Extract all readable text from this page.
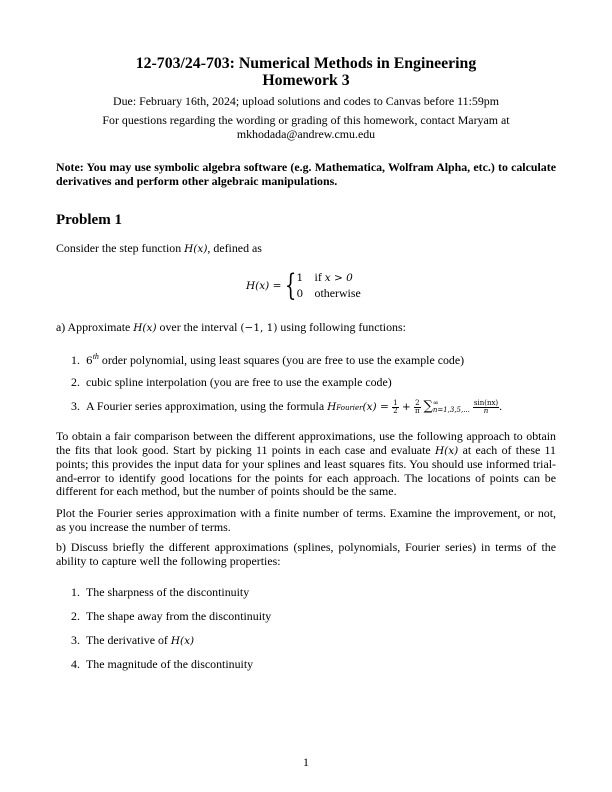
12-703/24-703: Numerical Methods in Engineering
Homework 3
Due: February 16th, 2024; upload solutions and codes to Canvas before 11:59pm
For questions regarding the wording or grading of this homework, contact Maryam at
mkhodada@andrew.cmu.edu
Note: You may use symbolic algebra software (e.g. Mathematica, Wolfram Alpha, etc.) to calculate derivatives and perform other algebraic manipulations.
Problem 1
Consider the step function H(x), defined as
H(x) = { 1 if x > 0
0 otherwise
a) Approximate H(x) over the interval (−1, 1) using following functions:
1. 6th order polynomial, using least squares (you are free to use the example code)
2. cubic spline interpolation (you are free to use the example code)
3. A Fourier series approximation, using the formula HFourier(x) = $\frac{1}{2} + \frac{2}{\pi}$ ∑ ∞
n=1,3,5,...
$\frac{\sin(nx)}{n}$ .
To obtain a fair comparison between the different approximations, use the following approach to obtain the fits that look good. Start by picking 11 points in each case and evaluate H(x) at each of these 11 points; this provides the input data for your splines and least squares fits. You should use informed trial-and-error to identify good locations for the points for each approach. The locations of points can be different for each method, but the number of points should be the same.
Plot the Fourier series approximation with a finite number of terms. Examine the improvement, or not, as you increase the number of terms.
b) Discuss briefly the different approximations (splines, polynomials, Fourier series) in terms of the ability to capture well the following properties:
1. The sharpness of the discontinuity
2. The shape away from the discontinuity
3. The derivative of H(x)
4. The magnitude of the discontinuity
1
